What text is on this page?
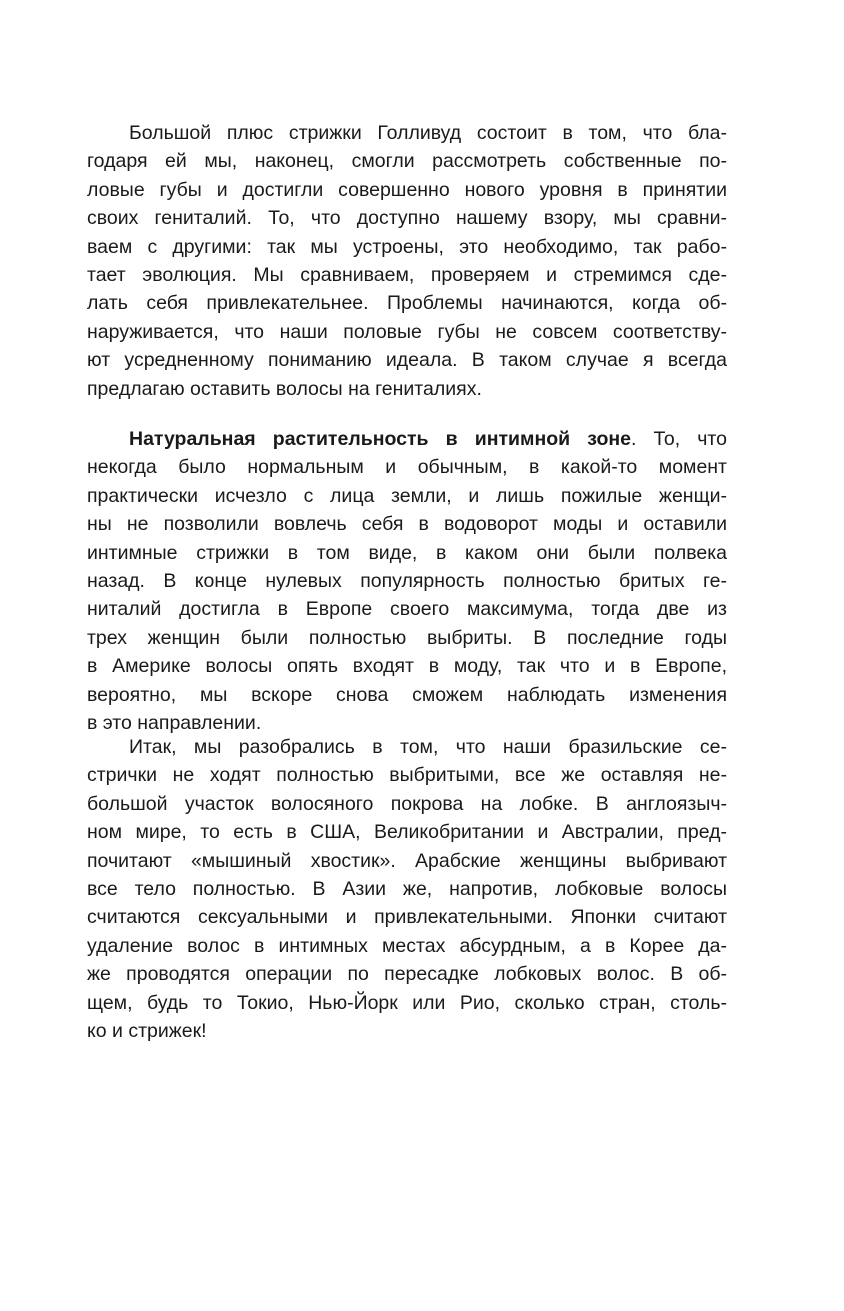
Большой плюс стрижки Голливуд состоит в том, что бла-
годаря ей мы, наконец, смогли рассмотреть собственные по-
ловые губы и достигли совершенно нового уровня в принятии
своих гениталий. То, что доступно нашему взору, мы сравни-
ваем с другими: так мы устроены, это необходимо, так рабо-
тает эволюция. Мы сравниваем, проверяем и стремимся сде-
лать себя привлекательнее. Проблемы начинаются, когда об-
наруживается, что наши половые губы не совсем соответству-
ют усредненному пониманию идеала. В таком случае я всегда
предлагаю оставить волосы на гениталиях.
Натуральная растительность в интимной зоне. То, что
некогда было нормальным и обычным, в какой-то момент
практически исчезло с лица земли, и лишь пожилые женщи-
ны не позволили вовлечь себя в водоворот моды и оставили
интимные стрижки в том виде, в каком они были полвека
назад. В конце нулевых популярность полностью бритых ге-
ниталий достигла в Европе своего максимума, тогда две из
трех женщин были полностью выбриты. В последние годы
в Америке волосы опять входят в моду, так что и в Европе,
вероятно, мы вскоре снова сможем наблюдать изменения
в это направлении.
Итак, мы разобрались в том, что наши бразильские се-
стрички не ходят полностью выбритыми, все же оставляя не-
большой участок волосяного покрова на лобке. В англоязыч-
ном мире, то есть в США, Великобритании и Австралии, пред-
почитают «мышиный хвостик». Арабские женщины выбривают
все тело полностью. В Азии же, напротив, лобковые волосы
считаются сексуальными и привлекательными. Японки считают
удаление волос в интимных местах абсурдным, а в Корее да-
же проводятся операции по пересадке лобковых волос. В об-
щем, будь то Токио, Нью-Йорк или Рио, сколько стран, столь-
ко и стрижек!
